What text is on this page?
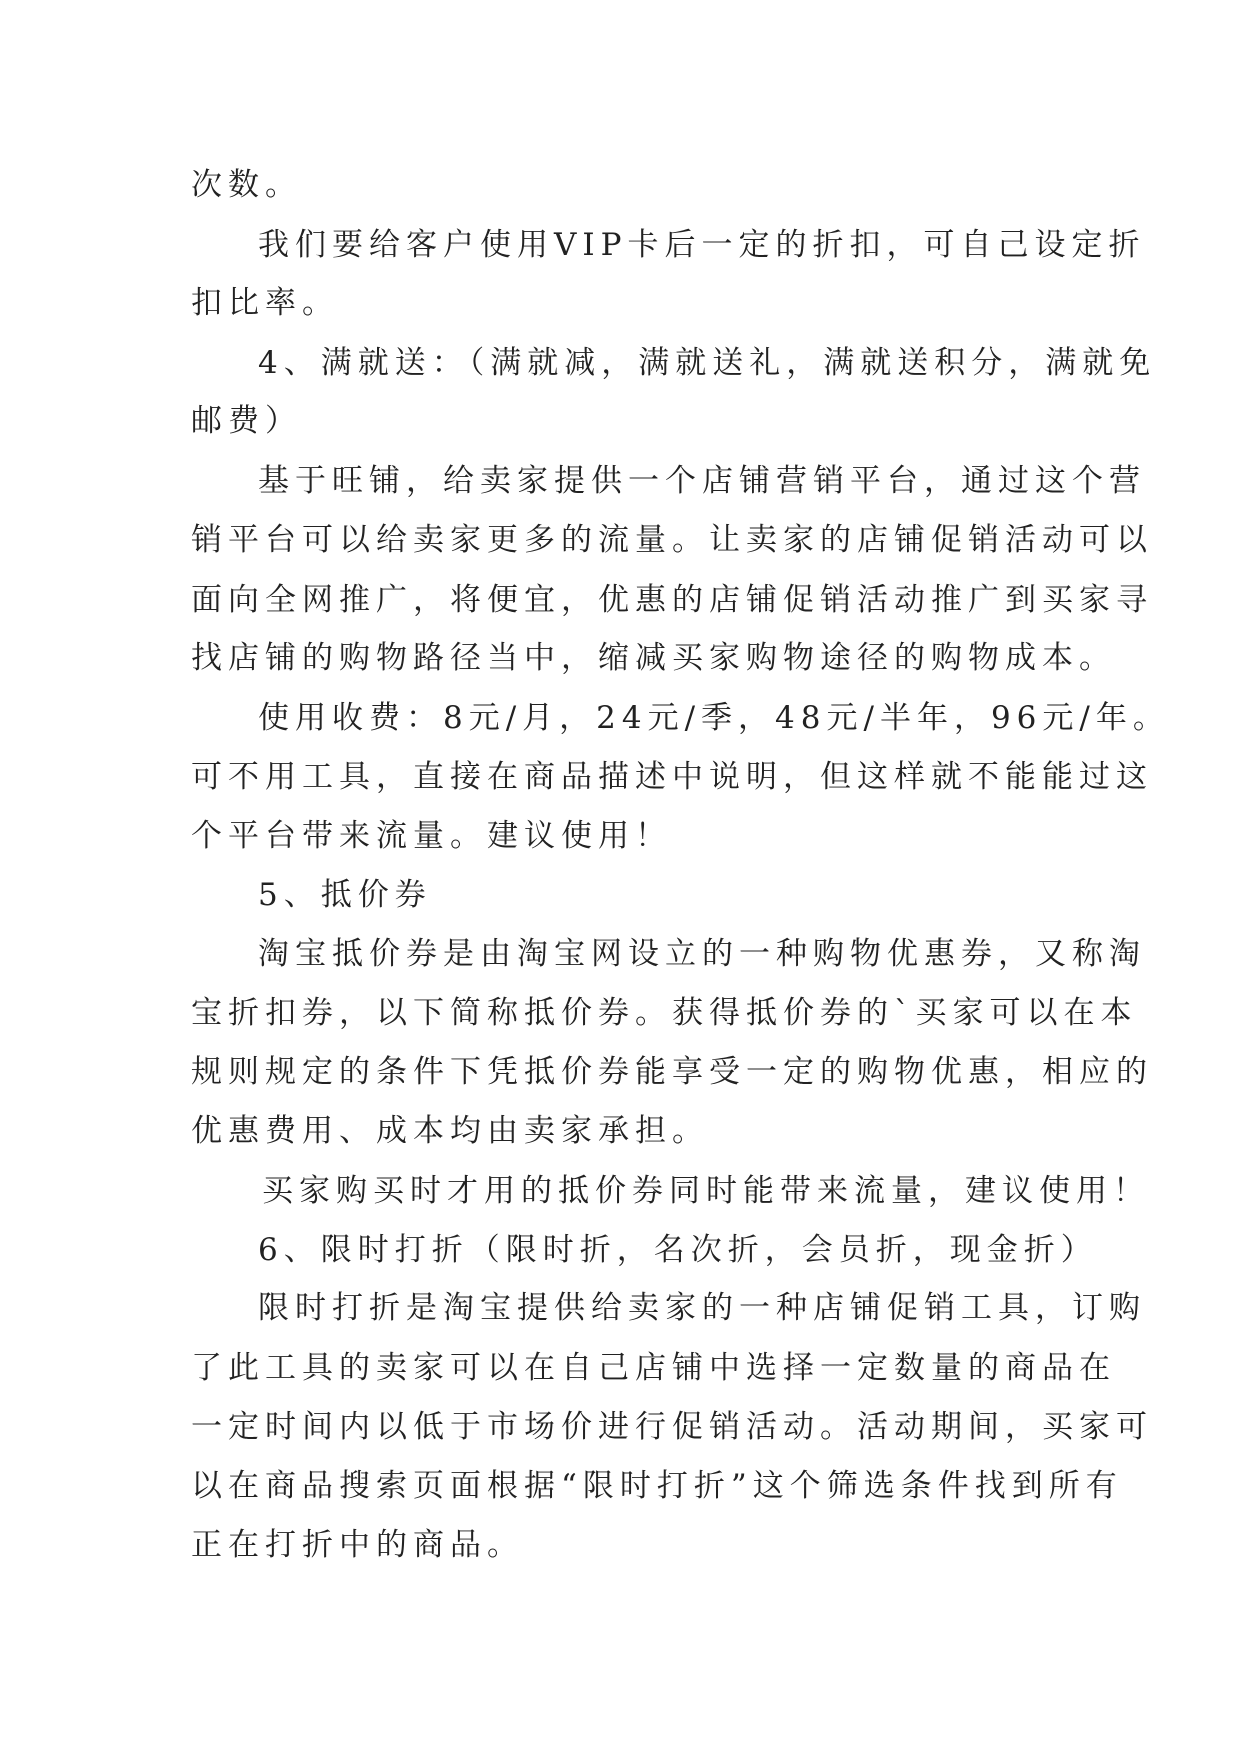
次数。
我们要给客户使用VIP卡后一定的折扣，可自己设定折
扣比率。
4、满就送：（满就减，满就送礼，满就送积分，满就免
邮费）
基于旺铺，给卖家提供一个店铺营销平台，通过这个营
销平台可以给卖家更多的流量。让卖家的店铺促销活动可以
面向全网推广，将便宜，优惠的店铺促销活动推广到买家寻
找店铺的购物路径当中，缩减买家购物途径的购物成本。
使用收费：8元/月，24元/季，48元/半年，96元/年。
可不用工具，直接在商品描述中说明，但这样就不能能过这
个平台带来流量。建议使用！
5、抵价券
淘宝抵价券是由淘宝网设立的一种购物优惠券，又称淘
宝折扣券，以下简称抵价券。获得抵价券的`买家可以在本
规则规定的条件下凭抵价券能享受一定的购物优惠，相应的
优惠费用、成本均由卖家承担。
买家购买时才用的抵价券同时能带来流量，建议使用！
6、限时打折（限时折，名次折，会员折，现金折）
限时打折是淘宝提供给卖家的一种店铺促销工具，订购
了此工具的卖家可以在自己店铺中选择一定数量的商品在
一定时间内以低于市场价进行促销活动。活动期间，买家可
以在商品搜索页面根据“限时打折”这个筛选条件找到所有
正在打折中的商品。
